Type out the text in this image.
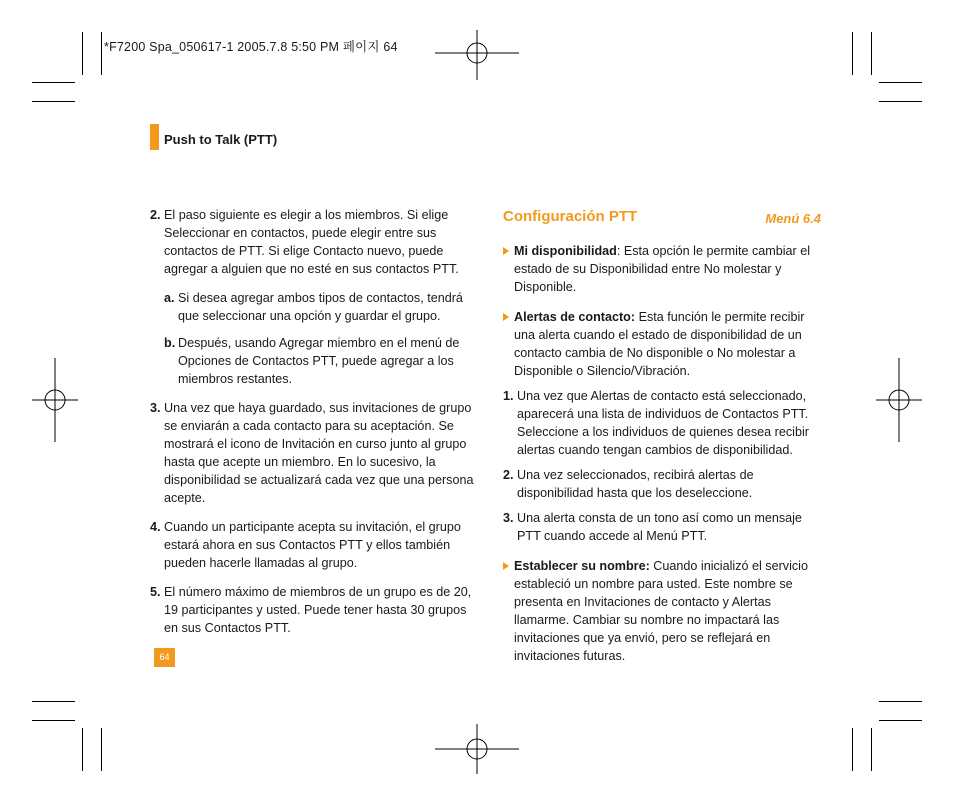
*F7200 Spa_050617-1 2005.7.8 5:50 PM 페이지 64
Push to Talk (PTT)
2. El paso siguiente es elegir a los miembros. Si elige Seleccionar en contactos, puede elegir entre sus contactos de PTT. Si elige Contacto nuevo, puede agregar a alguien que no esté en sus contactos PTT.
a. Si desea agregar ambos tipos de contactos, tendrá que seleccionar una opción y guardar el grupo.
b. Después, usando Agregar miembro en el menú de Opciones de Contactos PTT, puede agregar a los miembros restantes.
3. Una vez que haya guardado, sus invitaciones de grupo se enviarán a cada contacto para su aceptación. Se mostrará el icono de Invitación en curso junto al grupo hasta que acepte un miembro. En lo sucesivo, la disponibilidad se actualizará cada vez que una persona acepte.
4. Cuando un participante acepta su invitación, el grupo estará ahora en sus Contactos PTT y ellos también pueden hacerle llamadas al grupo.
5. El número máximo de miembros de un grupo es de 20, 19 participantes y usted. Puede tener hasta 30 grupos en sus Contactos PTT.
Configuración PTT	Menú 6.4
Mi disponibilidad: Esta opción le permite cambiar el estado de su Disponibilidad entre No molestar y Disponible.
Alertas de contacto: Esta función le permite recibir una alerta cuando el estado de disponibilidad de un contacto cambia de No disponible o No molestar a Disponible o Silencio/Vibración.
1. Una vez que Alertas de contacto está seleccionado, aparecerá una lista de individuos de Contactos PTT. Seleccione a los individuos de quienes desea recibir alertas cuando tengan cambios de disponibilidad.
2. Una vez seleccionados, recibirá alertas de disponibilidad hasta que los deseleccione.
3. Una alerta consta de un tono así como un mensaje PTT cuando accede al Menú PTT.
Establecer su nombre: Cuando inicializó el servicio estableció un nombre para usted. Este nombre se presenta en Invitaciones de contacto y Alertas llamarme. Cambiar su nombre no impactará las invitaciones que ya envió, pero se reflejará en invitaciones futuras.
64
